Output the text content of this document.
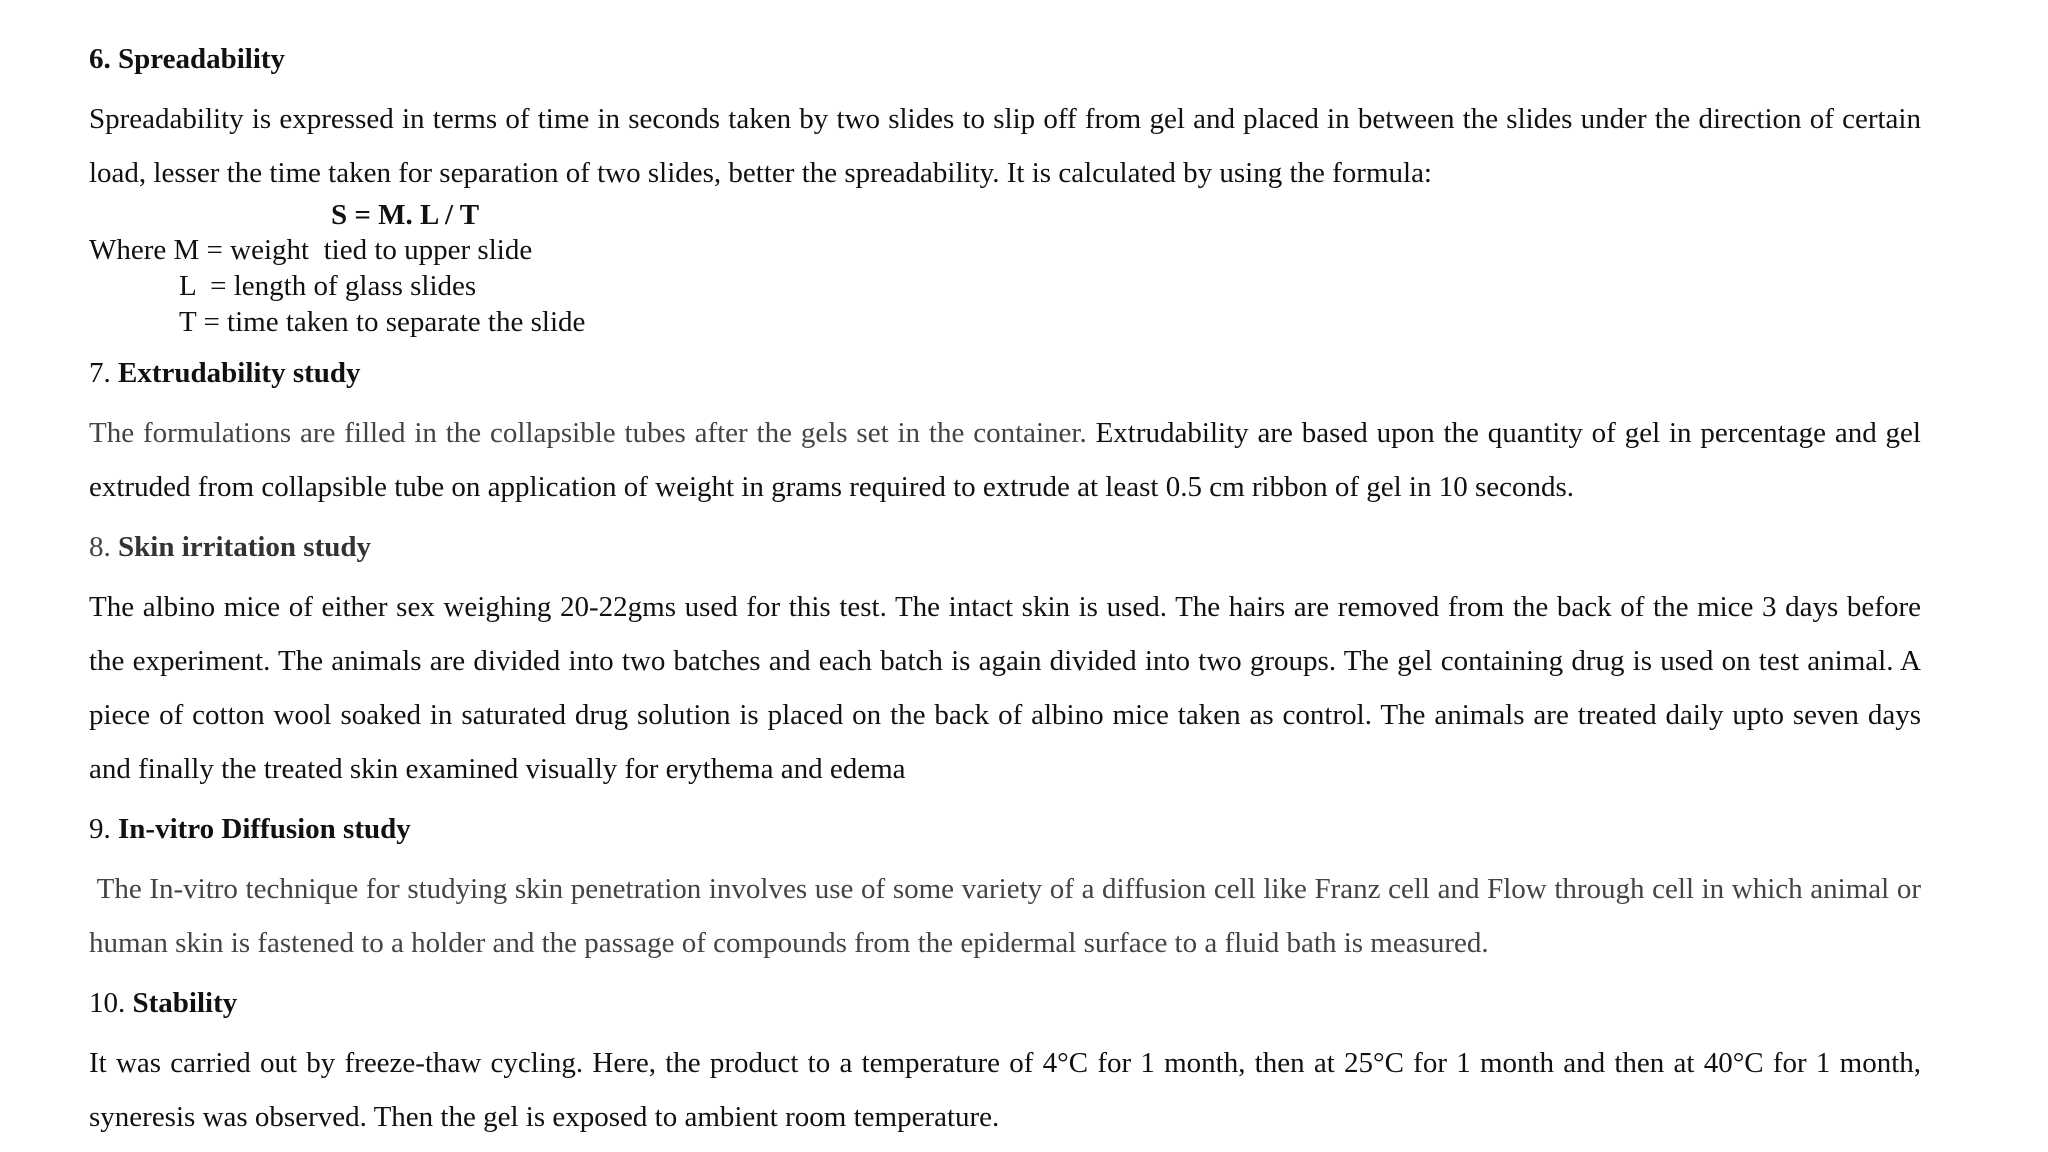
6. Spreadability

Spreadability is expressed in terms of time in seconds taken by two slides to slip off from gel and placed in between the slides under the direction of certain load, lesser the time taken for separation of two slides, better the spreadability. It is calculated by using the formula:

S = M. L / T
Where M = weight  tied to upper slide
L  = length of glass slides
T = time taken to separate the slide
7. Extrudability study

The formulations are filled in the collapsible tubes after the gels set in the container. Extrudability are based upon the quantity of gel in percentage and gel extruded from collapsible tube on application of weight in grams required to extrude at least 0.5 cm ribbon of gel in 10 seconds.

8. Skin irritation study

The albino mice of either sex weighing 20-22gms used for this test. The intact skin is used. The hairs are removed from the back of the mice 3 days before the experiment. The animals are divided into two batches and each batch is again divided into two groups. The gel containing drug is used on test animal. A piece of cotton wool soaked in saturated drug solution is placed on the back of albino mice taken as control. The animals are treated daily upto seven days and finally the treated skin examined visually for erythema and edema

9. In-vitro Diffusion study

The In-vitro technique for studying skin penetration involves use of some variety of a diffusion cell like Franz cell and Flow through cell in which animal or human skin is fastened to a holder and the passage of compounds from the epidermal surface to a fluid bath is measured.

10. Stability

It was carried out by freeze-thaw cycling. Here, the product to a temperature of 4°C for 1 month, then at 25°C for 1 month and then at 40°C for 1 month, syneresis was observed. Then the gel is exposed to ambient room temperature.
